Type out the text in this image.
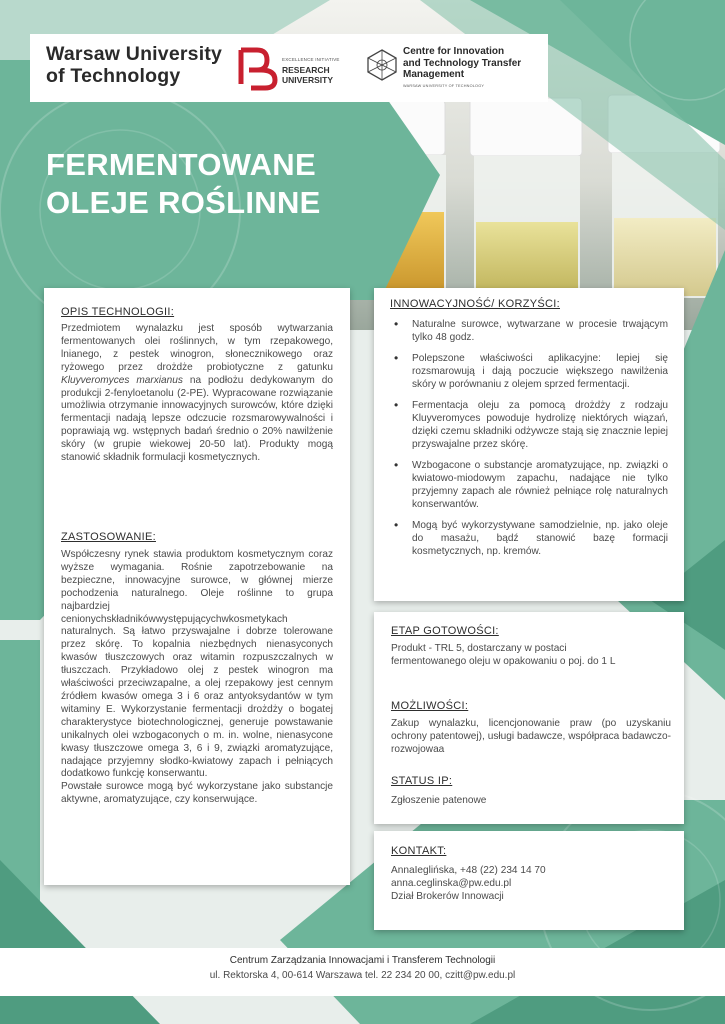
Warsaw University
of Technology
EXCELLENCE INITIATIVE
RESEARCH
UNIVERSITY
Centre for Innovation
and Technology Transfer
Management
WARSAW UNIVERSITY OF TECHNOLOGY
FERMENTOWANE
OLEJE ROŚLINNE
OPIS TECHNOLOGII:
Przedmiotem wynalazku jest sposób wytwarzania fermentowanych olei roślinnych, w tym rzepakowego, lnianego, z pestek winogron, słonecznikowego oraz ryżowego przez drożdże probiotyczne z gatunku Kluyveromyces marxianus na podłożu dedykowanym do produkcji 2-fenyloetanolu (2-PE). Wypracowane rozwiązanie umożliwia otrzymanie innowacyjnych surowców, które dzięki fermentacji nadają lepsze odczucie rozsmarowywalności i poprawiają wg. wstępnych badań średnio o 20% nawilżenie skóry (w grupie wiekowej 20-50 lat). Produkty mogą stanowić składnik formulacji kosmetycznych.
ZASTOSOWANIE:
Współczesny rynek stawia produktom kosmetycznym coraz wyższe wymagania. Rośnie zapotrzebowanie na bezpieczne, innowacyjne surowce, w głównej mierze pochodzenia naturalnego. Oleje roślinne to grupa najbardziej cenionychskładnikówwystępującychwkosmetykach naturalnych. Są łatwo przyswajalne i dobrze tolerowane przez skórę. To kopalnia niezbędnych nienasyconych kwasów tłuszczowych oraz witamin rozpuszczalnych w tłuszczach. Przykładowo olej z pestek winogron ma właściwości przeciwzapalne, a olej rzepakowy jest cennym źródłem kwasów omega 3 i 6 oraz antyoksydantów w tym witaminy E. Wykorzystanie fermentacji drożdży o bogatej charakterystyce biotechnologicznej, generuje powstawanie unikalnych olei wzbogaconych o m. in. wolne, nienasycone kwasy tłuszczowe omega 3, 6 i 9, związki aromatyzujące, nadające przyjemny słodko-kwiatowy zapach i pełniących dodatkowo funkcję konserwantu.
Powstałe surowce mogą być wykorzystane jako substancje aktywne, aromatyzujące, czy konserwujące.
INNOWACYJNOŚĆ/ KORZYŚCI:
• Naturalne surowce, wytwarzane w procesie trwającym tylko 48 godz.
• Polepszone właściwości aplikacyjne: lepiej się rozsmarowują i dają poczucie większego nawilżenia skóry w porównaniu z olejem sprzed fermentacji.
• Fermentacja oleju za pomocą drożdży z rodzaju Kluyveromyces powoduje hydrolizę niektórych wiązań, dzięki czemu składniki odżywcze stają się znacznie lepiej przyswajalne przez skórę.
• Wzbogacone o substancje aromatyzujące, np. związki o kwiatowo-miodowym zapachu, nadające nie tylko przyjemny zapach ale również pełniące rolę naturalnych konserwantów.
• Mogą być wykorzystywane samodzielnie, np. jako oleje do masażu, bądź stanowić bazę formacji kosmetycznych, np. kremów.
ETAP GOTOWOŚCI:
Produkt - TRL 5, dostarczany w postaci fermentowanego oleju w opakowaniu o poj. do 1 L
MOŻLIWOŚCI:
Zakup wynalazku, licencjonowanie praw (po uzyskaniu ochrony patentowej), usługi badawcze, współpraca badawczo-rozwojowaa
STATUS IP:
Zgłoszenie patenowe
KONTAKT:
AnnaIeglińska, +48 (22) 234 14 70
anna.ceglinska@pw.edu.pl
Dział Brokerów Innowacji
Centrum Zarządzania Innowacjami i Transferem Technologii
ul. Rektorska 4, 00-614 Warszawa tel. 22 234 20 00, czitt@pw.edu.pl
